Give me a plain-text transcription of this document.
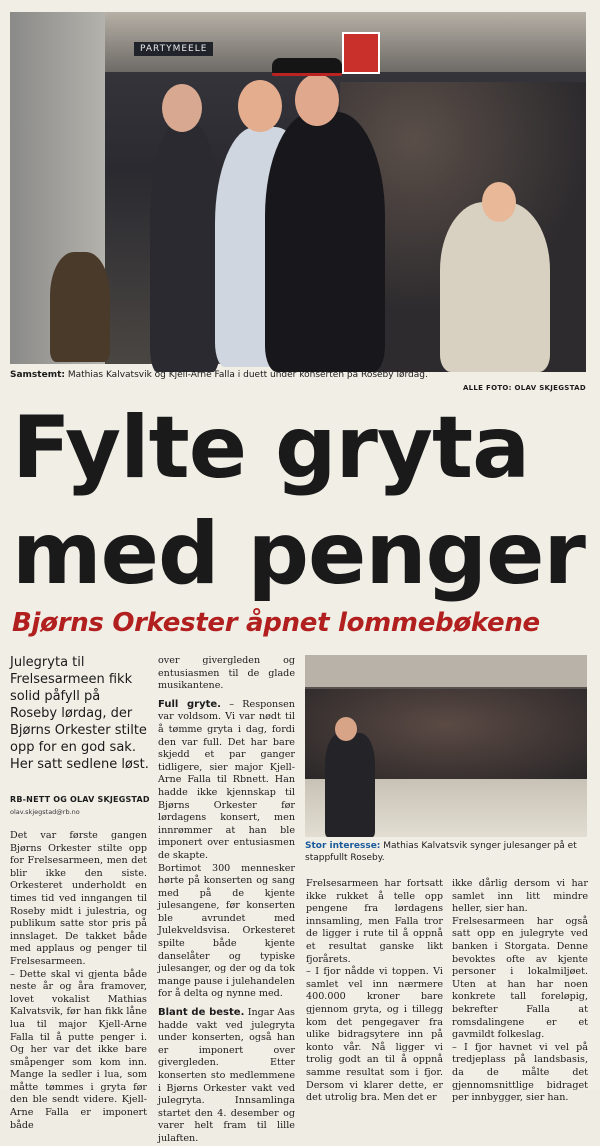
PARTYMEELE
Samstemt: Mathias Kalvatsvik og Kjell-Arne Falla i duett under konserten på Roseby lørdag.
ALLE FOTO: OLAV SKJEGSTAD
Fylte gryta
med penger
Bjørns Orkester åpnet lommebøkene
Julegryta til Frelsesarmeen fikk solid påfyll på Roseby lørdag, der Bjørns Orkester stilte opp for en god sak. Her satt sedlene løst.
RB-NETT OG OLAV SKJEGSTAD
olav.skjegstad@rb.no

Det var første gangen Bjørns Orkester stilte opp for Frelsesarmeen, men det blir ikke den siste. Orkesteret underholdt en times tid ved inngangen til Roseby midt i julestria, og publikum satte stor pris på innslaget. De takket både med applaus og penger til Frelsesarmeen.

– Dette skal vi gjenta både neste år og åra framover, lovet vokalist Mathias Kalvatsvik, før han fikk låne lua til major Kjell-Arne Falla til å putte penger i. Og her var det ikke bare småpenger som kom inn. Mange la sedler i lua, som måtte tømmes i gryta før den ble sendt videre. Kjell-Arne Falla er imponert både

over givergleden og entusiasmen til de glade musikantene.

Full gryte. – Responsen var voldsom. Vi var nødt til å tømme gryta i dag, fordi den var full. Det har bare skjedd et par ganger tidligere, sier major Kjell-Arne Falla til Rbnett. Han hadde ikke kjennskap til Bjørns Orkester før lørdagens konsert, men innrømmer at han ble imponert over entusiasmen de skapte.

Bortimot 300 mennesker hørte på konserten og sang med på de kjente julesangene, før konserten ble avrundet med Julekveldsvisa. Orkesteret spilte både kjente danselåter og typiske julesanger, og der og da tok mange pause i julehandelen for å delta og nynne med.

Blant de beste. Ingar Aas hadde vakt ved julegryta under konserten, også han er imponert over givergleden. Etter konserten sto medlemmene i Bjørns Orkester vakt ved julegryta. Innsamlinga startet den 4. desember og varer helt fram til lille julaften.

Stor interesse: Mathias Kalvatsvik synger julesanger på et stappfullt Roseby.

Frelsesarmeen har fortsatt ikke rukket å telle opp pengene fra lørdagens innsamling, men Falla tror de ligger i rute til å oppnå et resultat ganske likt fjorårets.

– I fjor nådde vi toppen. Vi samlet vel inn nærmere 400.000 kroner bare gjennom gryta, og i tillegg kom det pengegaver fra ulike bidragsytere inn på konto vår. Nå ligger vi trolig godt an til å oppnå samme resultat som i fjor. Dersom vi klarer dette, er det utrolig bra. Men det er

ikke dårlig dersom vi har samlet inn litt mindre heller, sier han.

Frelsesarmeen har også satt opp en julegryte ved banken i Storgata. Denne bevoktes ofte av kjente personer i lokalmiljøet. Uten at han har noen konkrete tall foreløpig, bekrefter Falla at romsdalingene er et gavmildt folkeslag.

– I fjor havnet vi vel på tredjeplass på landsbasis, da de målte det gjennomsnittlige bidraget per innbygger, sier han.
